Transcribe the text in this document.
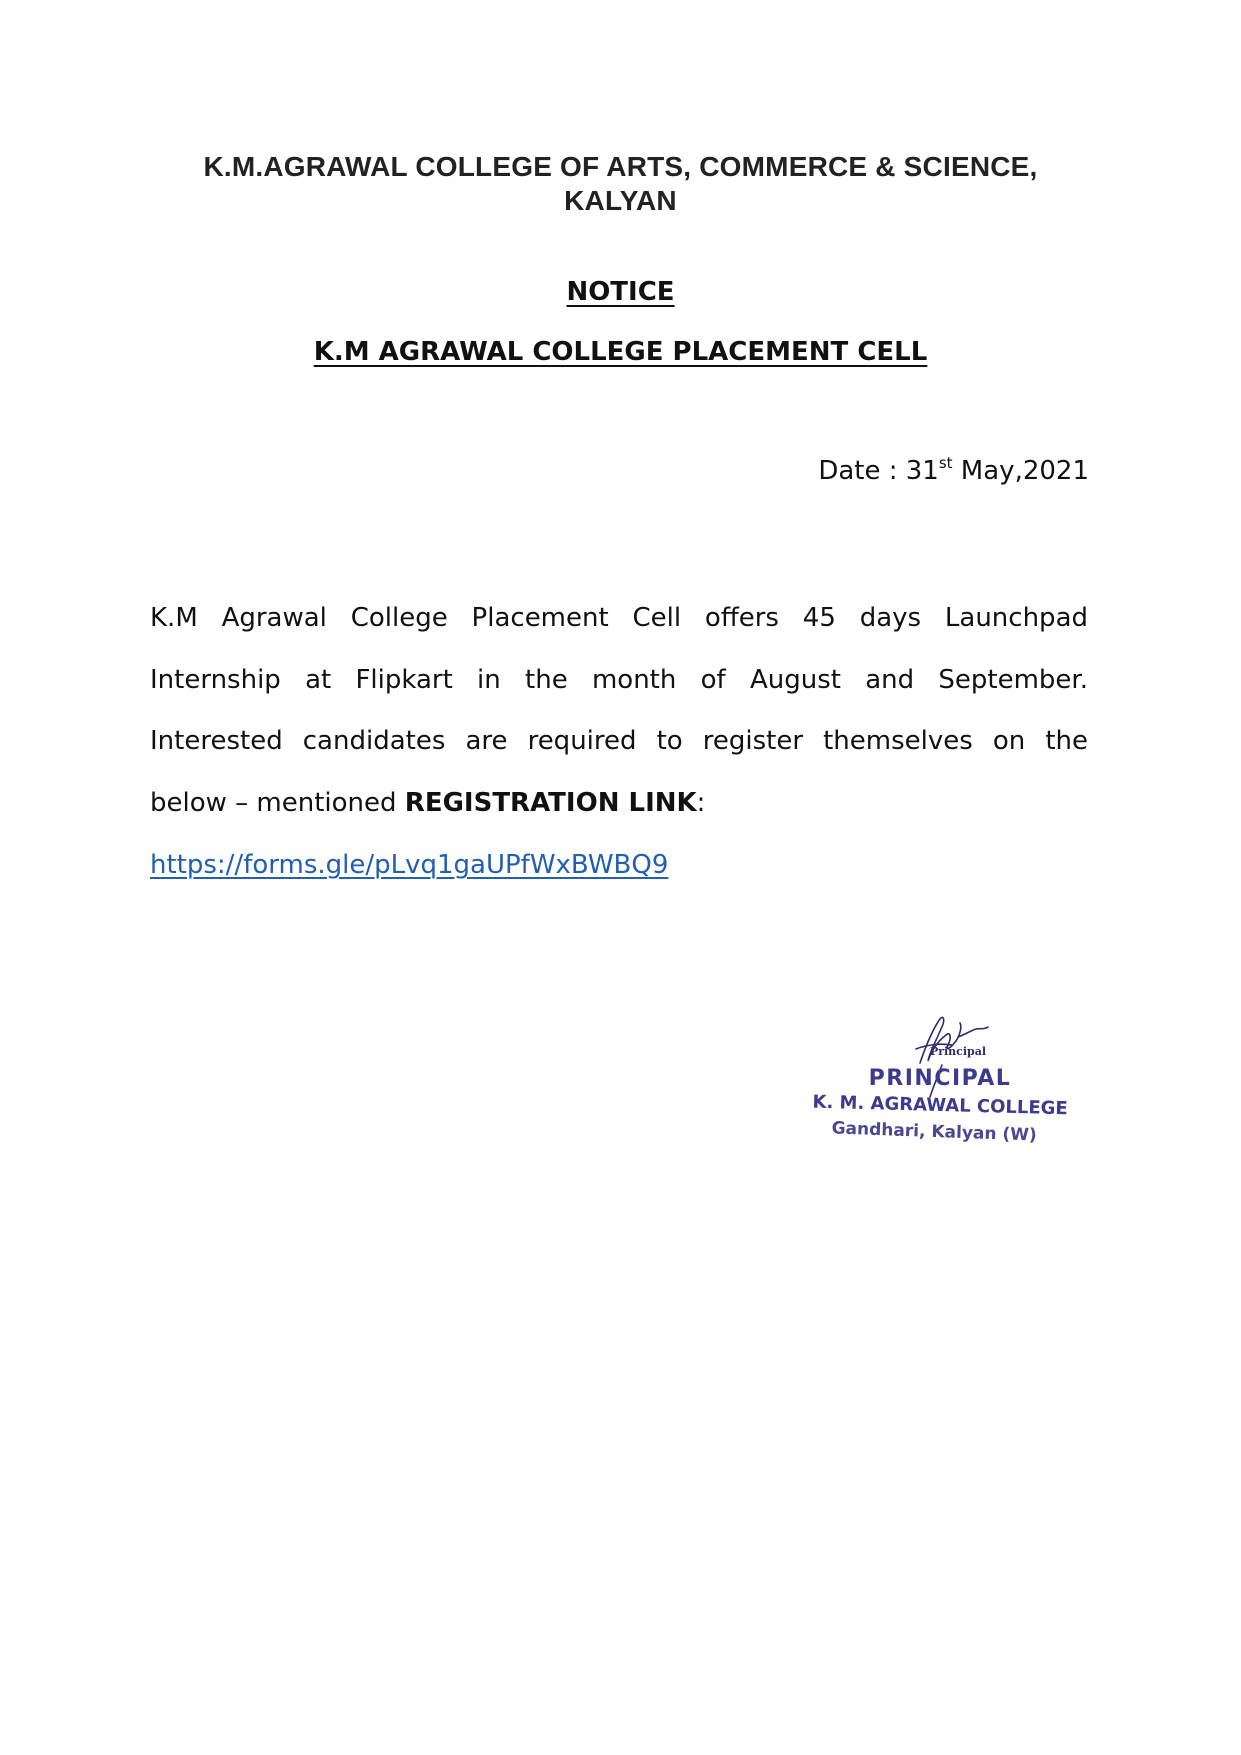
K.M.AGRAWAL COLLEGE OF ARTS, COMMERCE & SCIENCE,
KALYAN
NOTICE
K.M AGRAWAL COLLEGE PLACEMENT CELL
Date : 31st May,2021
K.M Agrawal College Placement Cell offers 45 days Launchpad
Internship at Flipkart in the month of August and September.
Interested candidates are required to register themselves on the
below – mentioned REGISTRATION LINK:
https://forms.gle/pLvq1gaUPfWxBWBQ9
Principal
PRINCIPAL
K. M. AGRAWAL COLLEGE
Gandhari, Kalyan (W)
